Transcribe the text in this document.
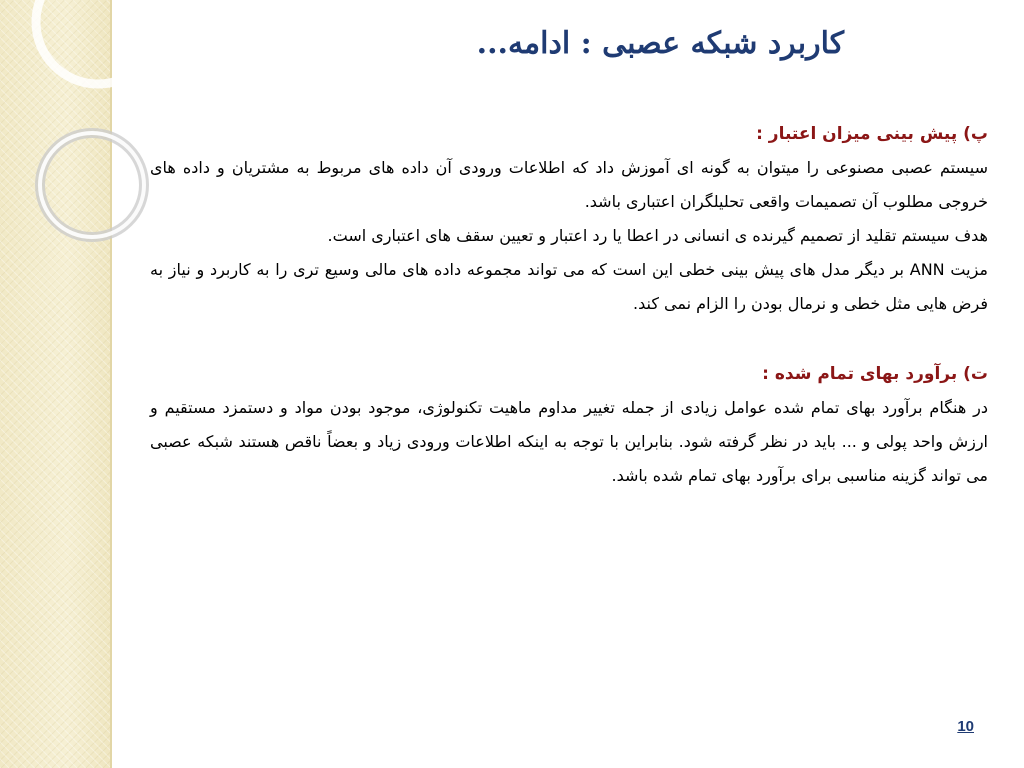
کاربرد شبکه عصبی : ادامه...
پ) پیش بینی میزان اعتبار :
سیستم عصبی مصنوعی را میتوان به گونه ای آموزش داد که اطلاعات ورودی آن داده های مربوط به مشتریان و داده های خروجی مطلوب آن تصمیمات واقعی تحلیلگران اعتباری باشد.
هدف سیستم تقلید از تصمیم گیرنده ی انسانی در اعطا یا رد اعتبار و تعیین سقف های اعتباری است.
مزیت ANN بر دیگر مدل های پیش بینی خطی این است که می تواند مجموعه داده های مالی وسیع تری را به کاربرد و نیاز به فرض هایی مثل خطی و نرمال بودن را الزام نمی کند.
ت) برآورد بهای تمام شده :
در هنگام برآورد بهای تمام شده عوامل زیادی از جمله تغییر مداوم ماهیت تکنولوژی، موجود بودن مواد و دستمزد مستقیم و ارزش واحد پولی و ... باید در نظر گرفته شود. بنابراین با توجه به اینکه اطلاعات ورودی زیاد و بعضاً ناقص هستند شبکه عصبی می تواند گزینه مناسبی برای برآورد بهای تمام شده باشد.
10
